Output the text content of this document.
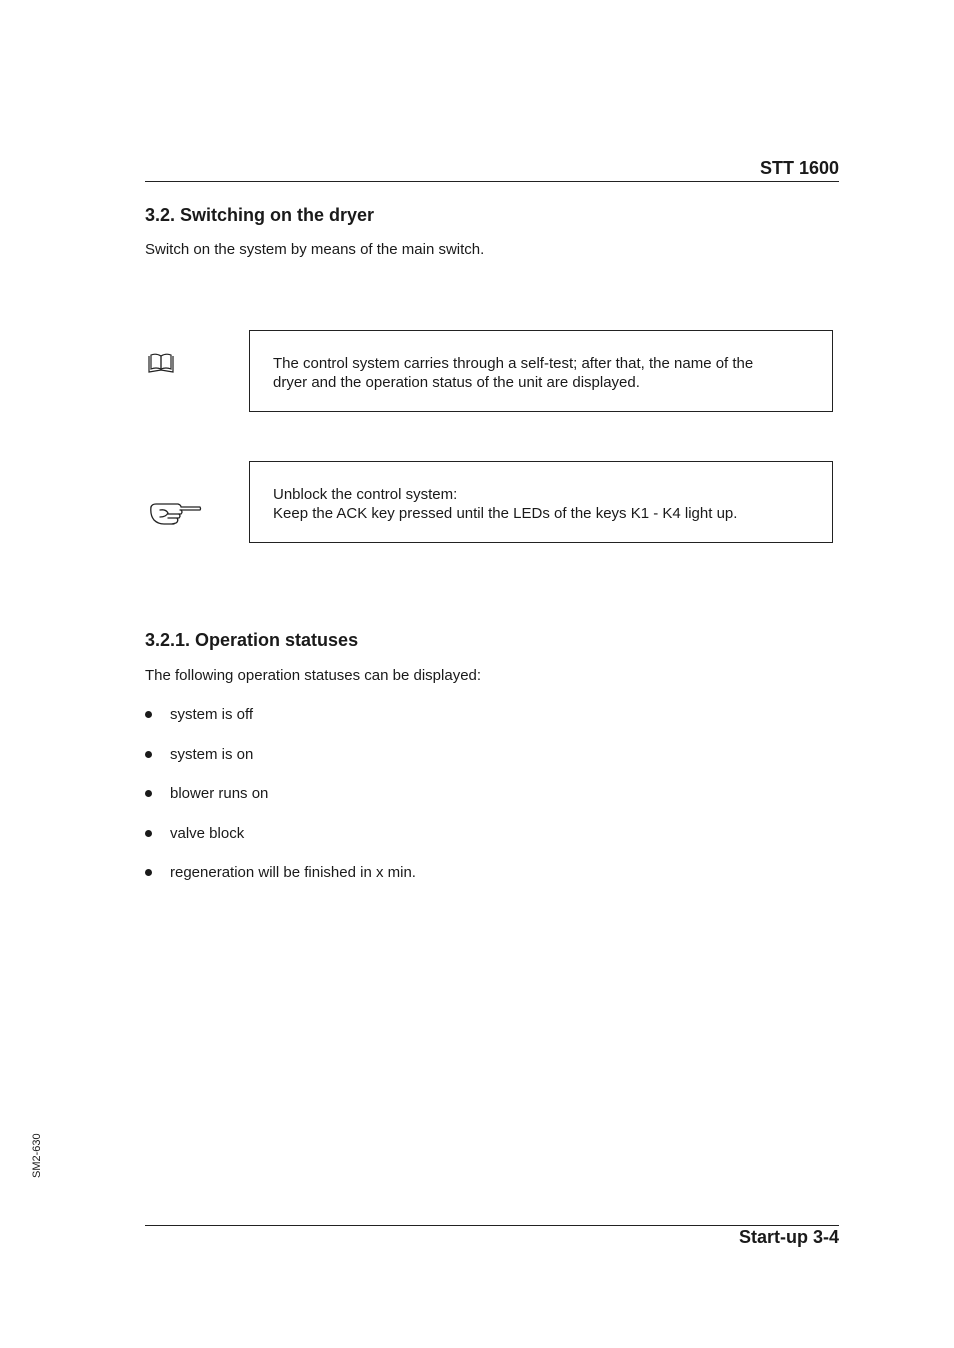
STT 1600
3.2. Switching on the dryer
Switch on the system by means of the main switch.
The control system carries through a self-test; after that, the name of the
dryer and the operation status of the unit are displayed.
Unblock the control system:
Keep the ACK key pressed until the LEDs of the keys K1 - K4 light up.
3.2.1. Operation statuses
The following operation statuses can be displayed:
system is off
system is on
blower runs on
valve block
regeneration will be finished in x min.
SM2-630
Start-up 3-4
